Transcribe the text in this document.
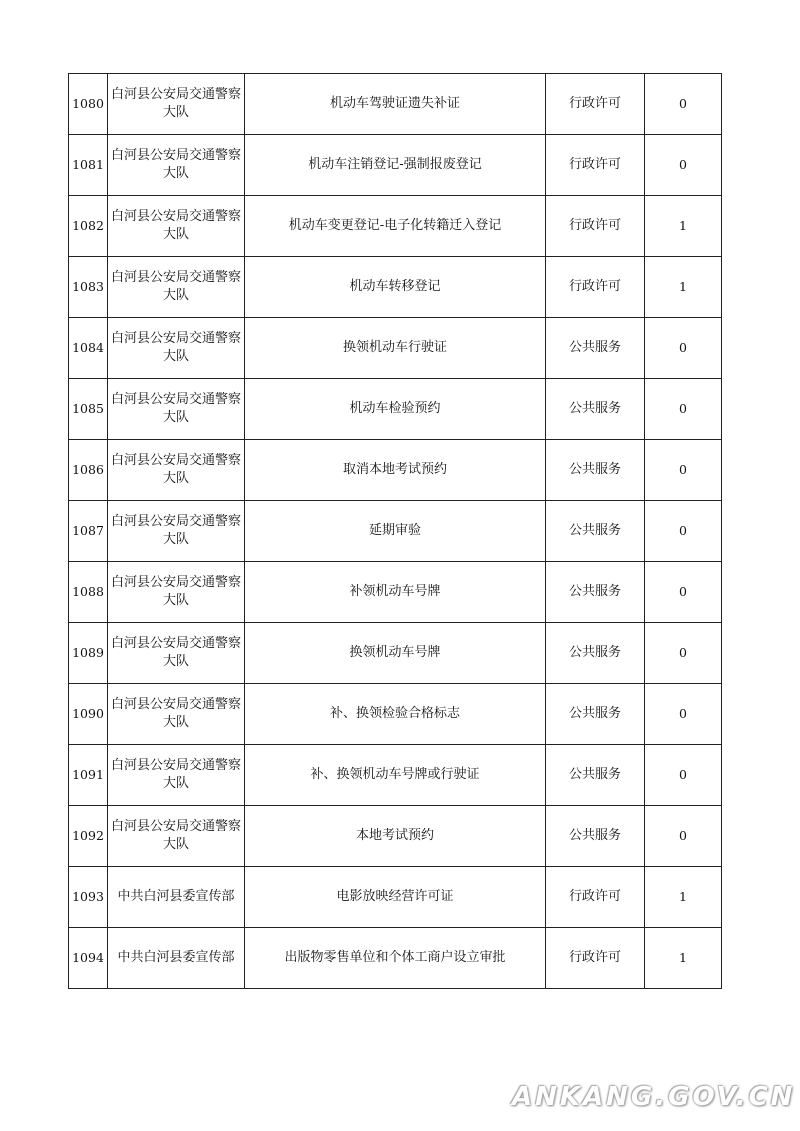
1080	白河县公安局交通警察大队	机动车驾驶证遗失补证	行政许可	0
1081	白河县公安局交通警察大队	机动车注销登记-强制报废登记	行政许可	0
1082	白河县公安局交通警察大队	机动车变更登记-电子化转籍迁入登记	行政许可	1
1083	白河县公安局交通警察大队	机动车转移登记	行政许可	1
1084	白河县公安局交通警察大队	换领机动车行驶证	公共服务	0
1085	白河县公安局交通警察大队	机动车检验预约	公共服务	0
1086	白河县公安局交通警察大队	取消本地考试预约	公共服务	0
1087	白河县公安局交通警察大队	延期审验	公共服务	0
1088	白河县公安局交通警察大队	补领机动车号牌	公共服务	0
1089	白河县公安局交通警察大队	换领机动车号牌	公共服务	0
1090	白河县公安局交通警察大队	补、换领检验合格标志	公共服务	0
1091	白河县公安局交通警察大队	补、换领机动车号牌或行驶证	公共服务	0
1092	白河县公安局交通警察大队	本地考试预约	公共服务	0
1093	中共白河县委宣传部	电影放映经营许可证	行政许可	1
1094	中共白河县委宣传部	出版物零售单位和个体工商户设立审批	行政许可	1
ANKANG.GOV.CN
